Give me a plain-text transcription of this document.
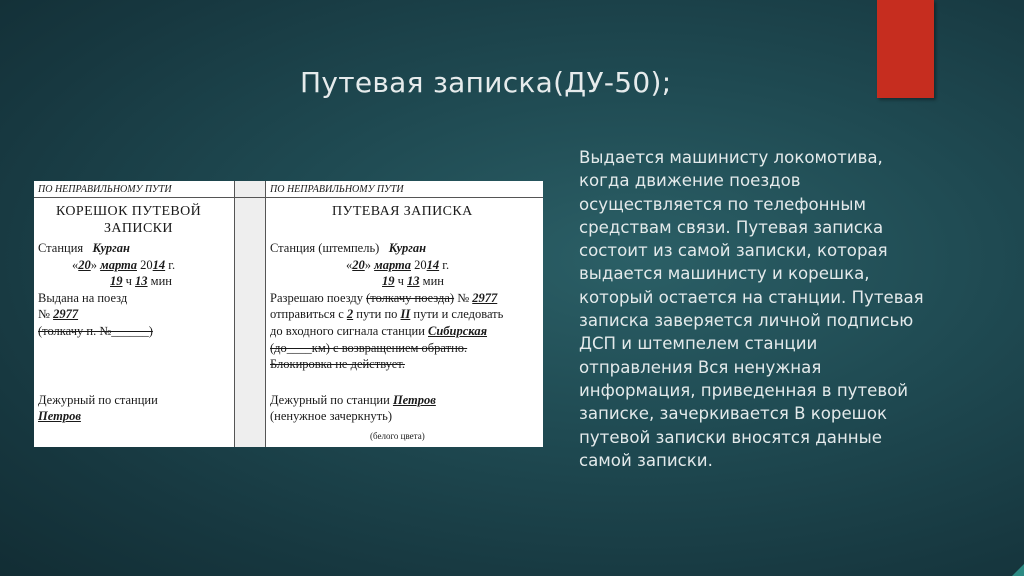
Путевая записка(ДУ-50);
Выдается машинисту локомотива,
когда движение поездов
осуществляется по телефонным
средствам связи. Путевая записка
состоит из самой записки, которая
выдается машинисту и корешка,
который остается на станции. Путевая
записка заверяется личной подписью
ДСП и штемпелем станции
отправления Вся ненужная
информация, приведенная в путевой
записке, зачеркивается В корешок
путевой записки вносятся данные
самой записки.
ПО НЕПРАВИЛЬНОМУ ПУТИ
КОРЕШОК ПУТЕВОЙ
ЗАПИСКИ
Станция Курган
«20» марта 2014 г.
19 ч 13 мин
Выдана на поезд
№ 2977
(толкачу п. №______)
Дежурный по станции
Петров
ПО НЕПРАВИЛЬНОМУ ПУТИ
ПУТЕВАЯ ЗАПИСКА
Станция (штемпель) Курган
«20» марта 2014 г.
19 ч 13 мин
Разрешаю поезду (толкачу поезда) № 2977
отправиться с 2 пути по II пути и следовать
до входного сигнала станции Сибирская
(до____км) с возвращением обратно.
Блокировка не действует.
Дежурный по станции Петров
(ненужное зачеркнуть)
(белого цвета)
